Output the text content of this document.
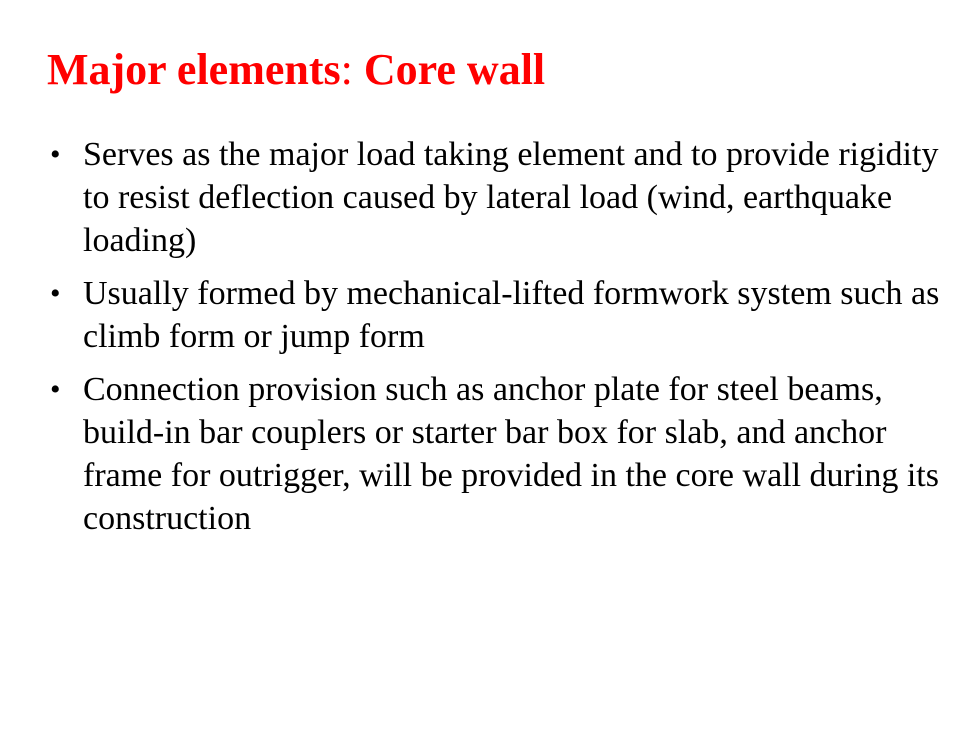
Major elements: Core wall
• Serves as the major load taking element and to provide rigidity to resist deflection caused by lateral load (wind, earthquake loading)
• Usually formed by mechanical-lifted formwork system such as climb form or jump form
• Connection provision such as anchor plate for steel beams, build-in bar couplers or starter bar box for slab, and anchor frame for outrigger, will be provided in the core wall during its construction
